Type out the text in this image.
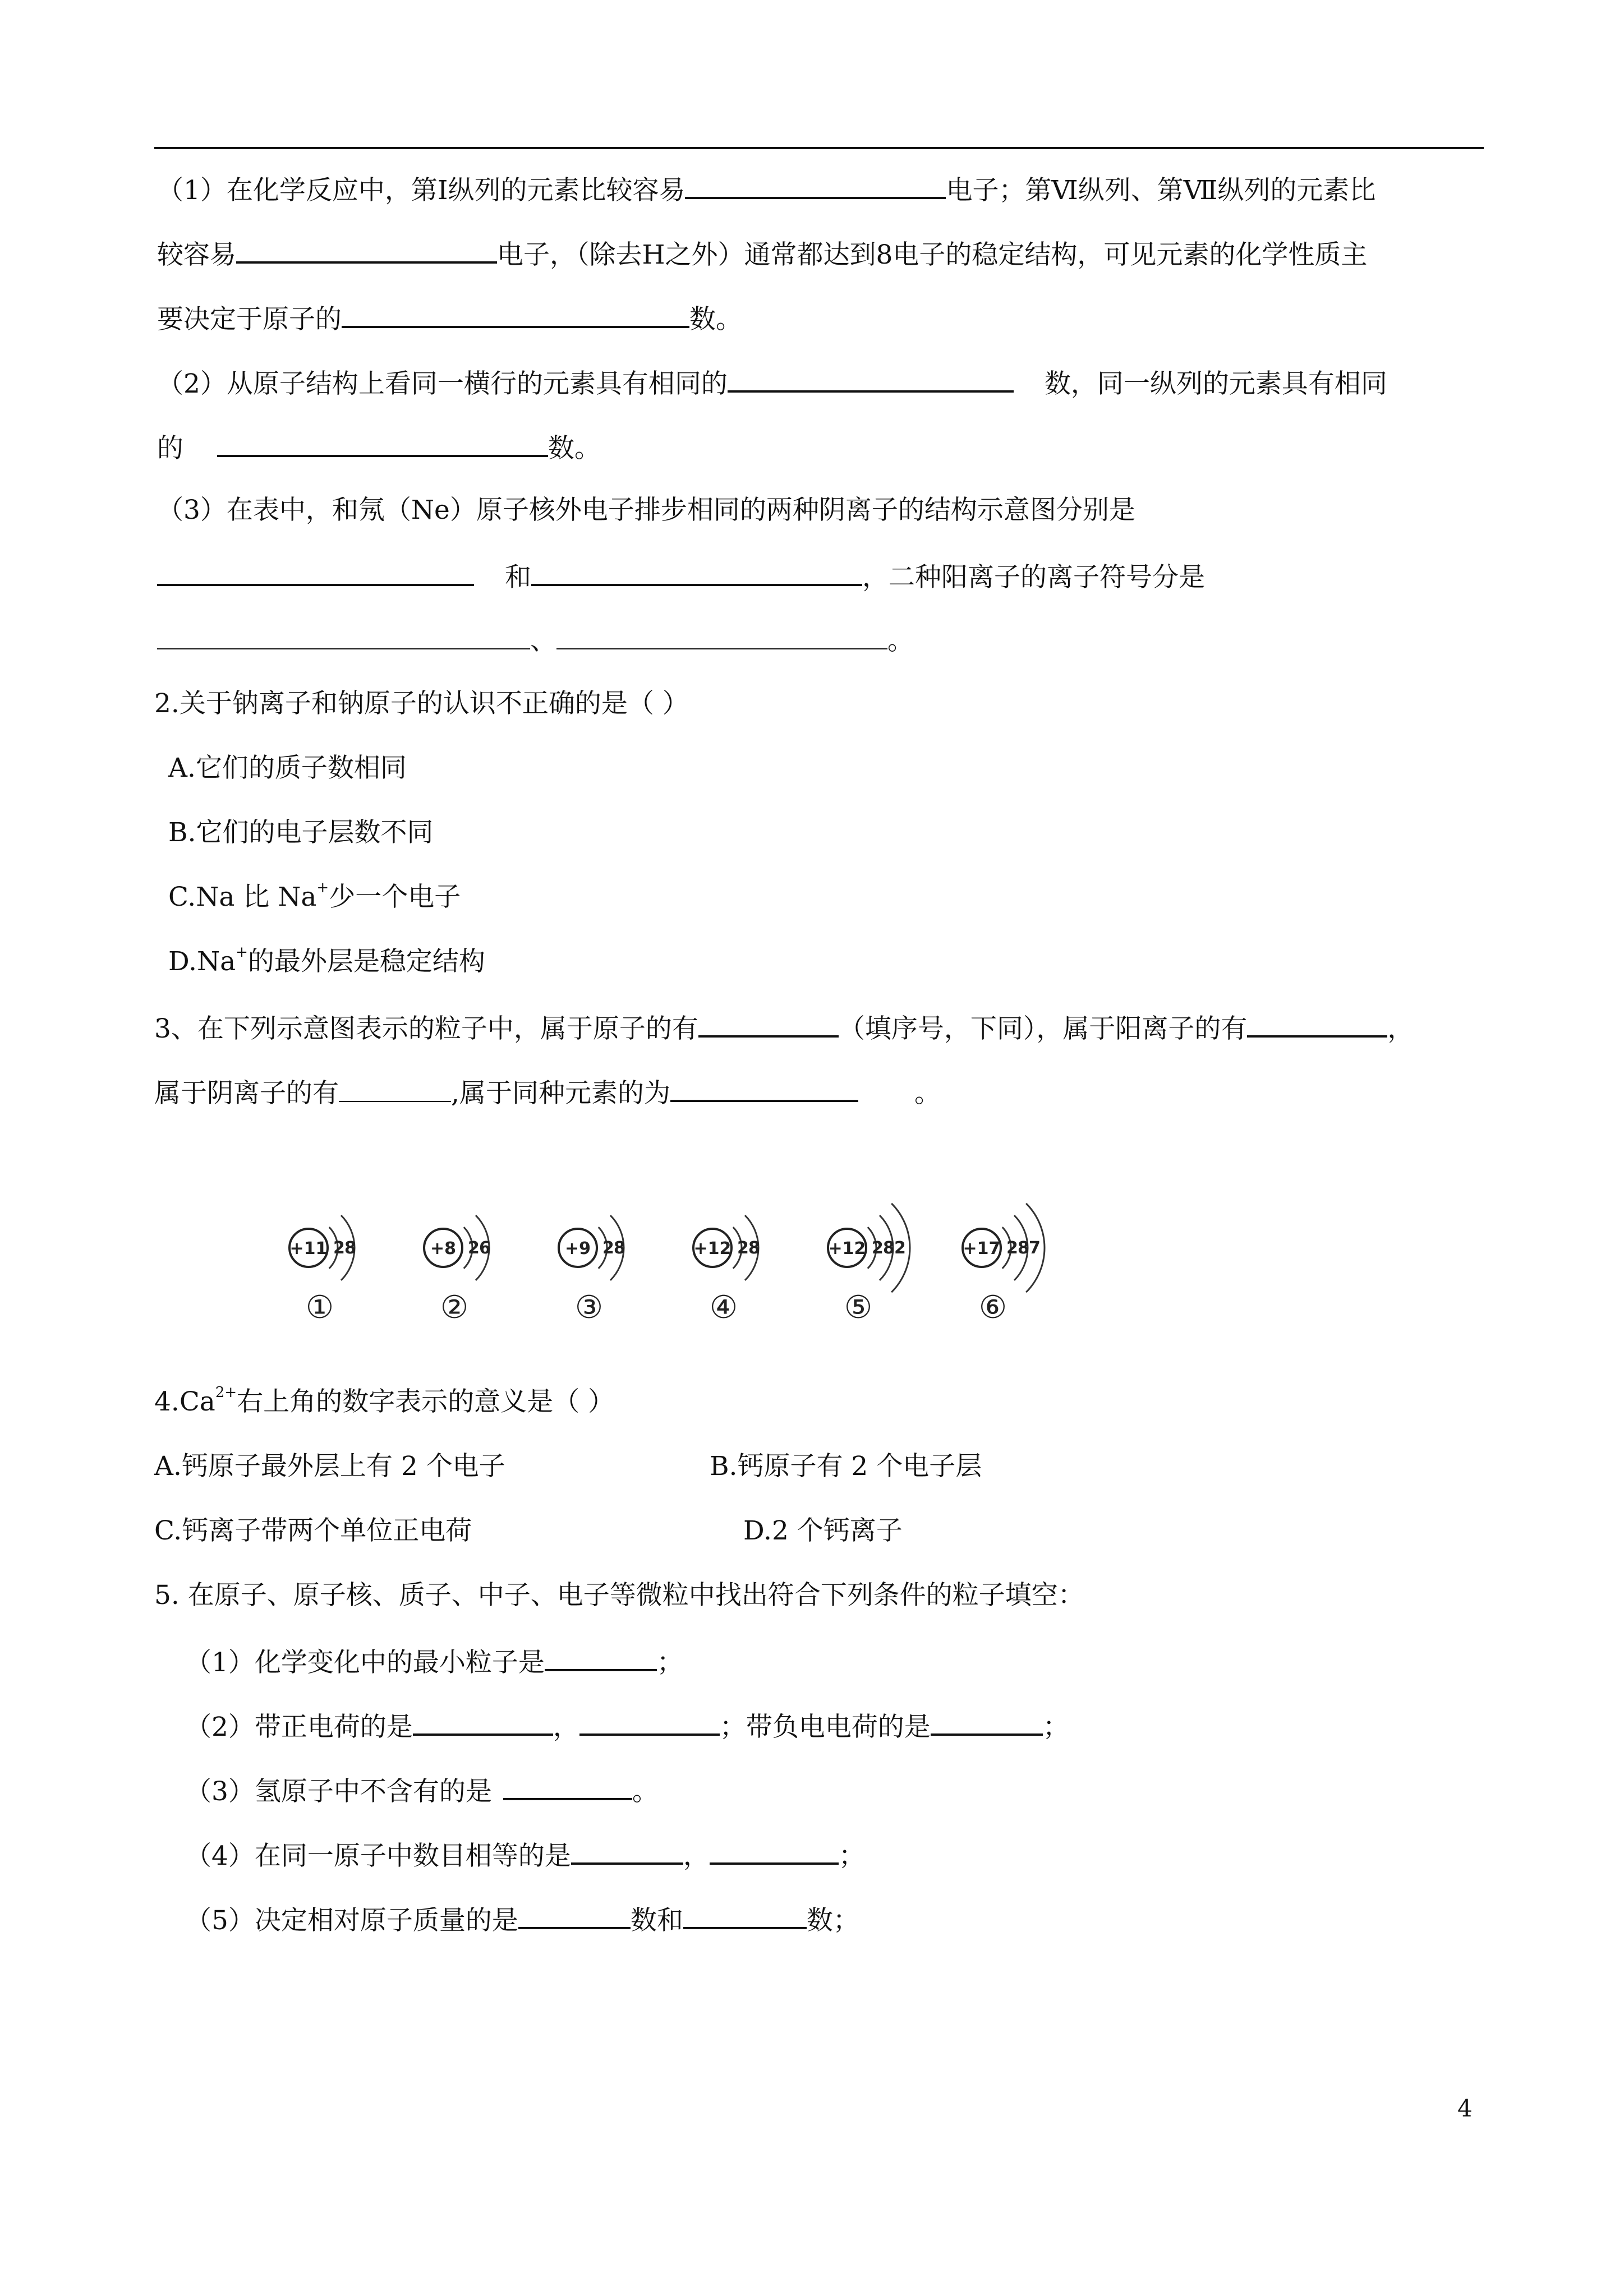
（1）在化学反应中，第Ⅰ纵列的元素比较容易	电子；第Ⅵ纵列、第Ⅶ纵列的元素比
较容易	电子，（除去H之外）通常都达到8电子的稳定结构，可见元素的化学性质主
要决定于原子的	数。
（2）从原子结构上看同一横行的元素具有相同的	数，同一纵列的元素具有相同
的	数。
（3）在表中，和氖（Ne）原子核外电子排步相同的两种阴离子的结构示意图分别是
和	，二种阳离子的离子符号分是
、	。
2.关于钠离子和钠原子的认识不正确的是（ ）
A.它们的质子数相同
B.它们的电子层数不同
C.Na 比 Na+少一个电子
D.Na+的最外层是稳定结构
3、在下列示意图表示的粒子中，属于原子的有	（填序号，下同），属于阳离子的有	，
属于阴离子的有	,属于同种元素的为	。
+11 2 8
①
+8 2 6
②
+9 2 8
③
+12 2 8
④
+12 2 8 2
⑤
+17 2 8 7
⑥
$4.Ca^{2+}$右上角的数字表示的意义是（ ）
A.钙原子最外层上有 2 个电子	B.钙原子有 2 个电子层
C.钙离子带两个单位正电荷	D.2 个钙离子
5. 在原子、原子核、质子、中子、电子等微粒中找出符合下列条件的粒子填空：
（1）化学变化中的最小粒子是	；
（2）带正电荷的是	，	；带负电电荷的是	；
（3）氢原子中不含有的是	。
（4）在同一原子中数目相等的是	，	；
（5）决定相对原子质量的是	数和	数；
4
